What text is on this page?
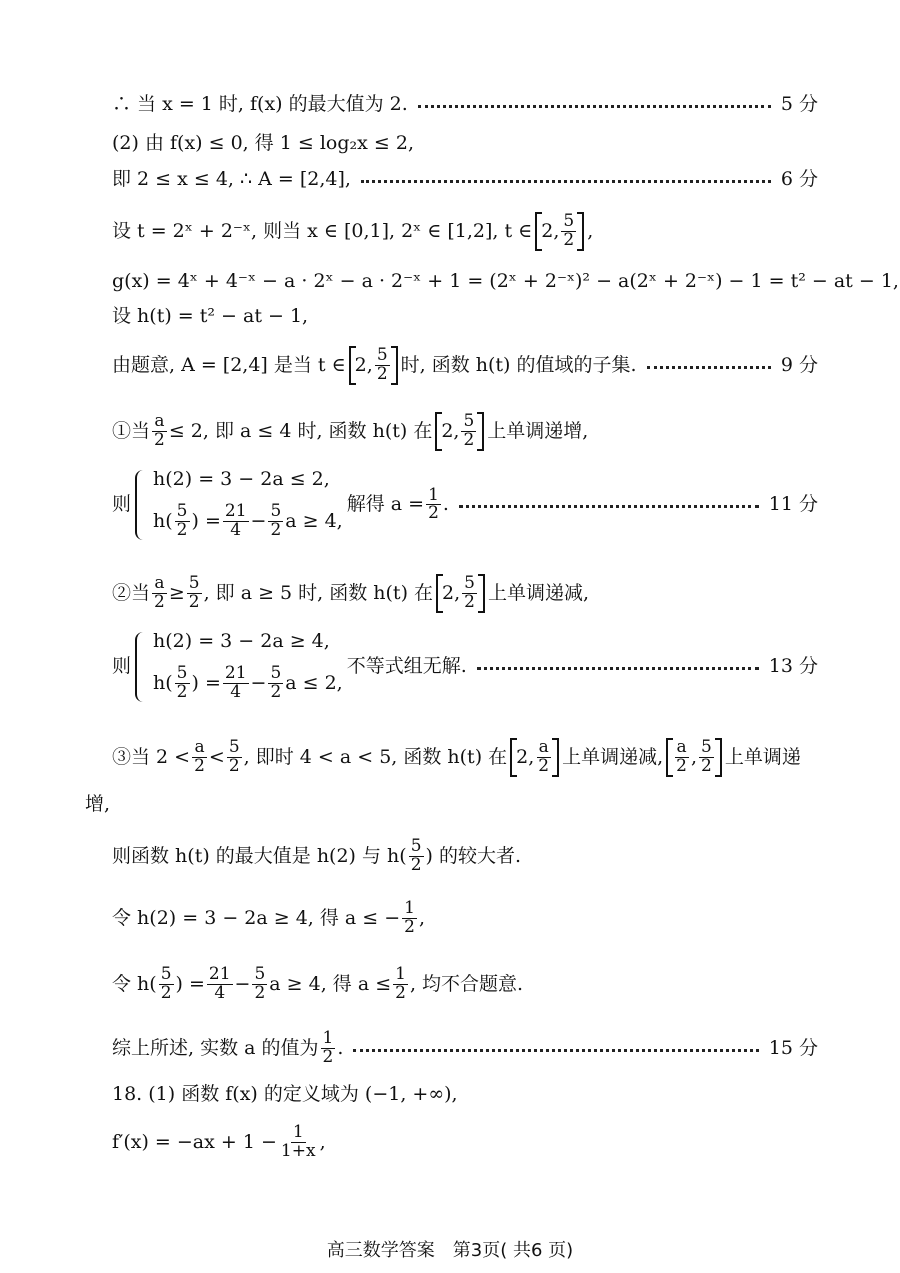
∴ 当 x = 1 时, f(x) 的最大值为 2.	5 分
(2) 由 f(x) ≤ 0, 得 1 ≤ log₂x ≤ 2,
即 2 ≤ x ≤ 4, ∴ A = [2,4],	6 分
设 t = 2ˣ + 2⁻ˣ, 则当 x ∈ [0,1], 2ˣ ∈ [1,2], t ∈ 2 , $\frac{5}{2}$ ,
g(x) = 4ˣ + 4⁻ˣ − a · 2ˣ − a · 2⁻ˣ + 1 = (2ˣ + 2⁻ˣ)² − a(2ˣ + 2⁻ˣ) − 1 = t² − at − 1,
设 h(t) = t² − at − 1,
由题意, A = [2,4] 是当 t ∈ 2 , $\frac{5}{2}$ 时, 函数 h(t) 的值域的子集.	9 分
①当 $\frac{a}{2} \le 2$, 即 a ≤ 4 时, 函数 h(t) 在 2 , $\frac{5}{2}$ 上单调递增,
则
h(2) = 3 − 2a ≤ 2,
$h( \frac{5}{2}$ ) = $\frac{21}{4} - \frac{5}{2}$ a ≥ 4,
解得 $a = \frac{1}{2}$ .	11 分
②当 $\frac{a}{2} \ge \frac{5}{2}$ , 即 a ≥ 5 时, 函数 h(t) 在 2 , $\frac{5}{2}$ 上单调递减,
则
h(2) = 3 − 2a ≥ 4,
$h( \frac{5}{2}$ ) = $\frac{21}{4} - \frac{5}{2}$ a ≤ 2,
不等式组无解.	13 分
③当 $2 < \frac{a}{2} < \frac{5}{2}$ , 即时 4 < a < 5, 函数 h(t) 在 2 , $\frac{a}{2}$ 上单调递减, $\frac{a}{2}$ , $\frac{5}{2}$ 上单调递
增,
则函数 h(t) 的最大值是 h(2) 与 $h( \frac{5}{2}$ ) 的较大者.
令 h(2) = 3 − 2a ≥ 4, 得 a ≤ − $\frac{1}{2}$ ,
令 $h( \frac{5}{2}$ ) = $\frac{21}{4} - \frac{5}{2}$ a ≥ 4, 得 $a \le \frac{1}{2}$ , 均不合题意.
综上所述, 实数 a 的值为 $\frac{1}{2}$ .	15 分
18. (1) 函数 f(x) 的定义域为 (−1, +∞),
$f'(x) = -ax + 1 - \frac{1}{1+x}$ ,
高三数学答案　第3页( 共6 页)
